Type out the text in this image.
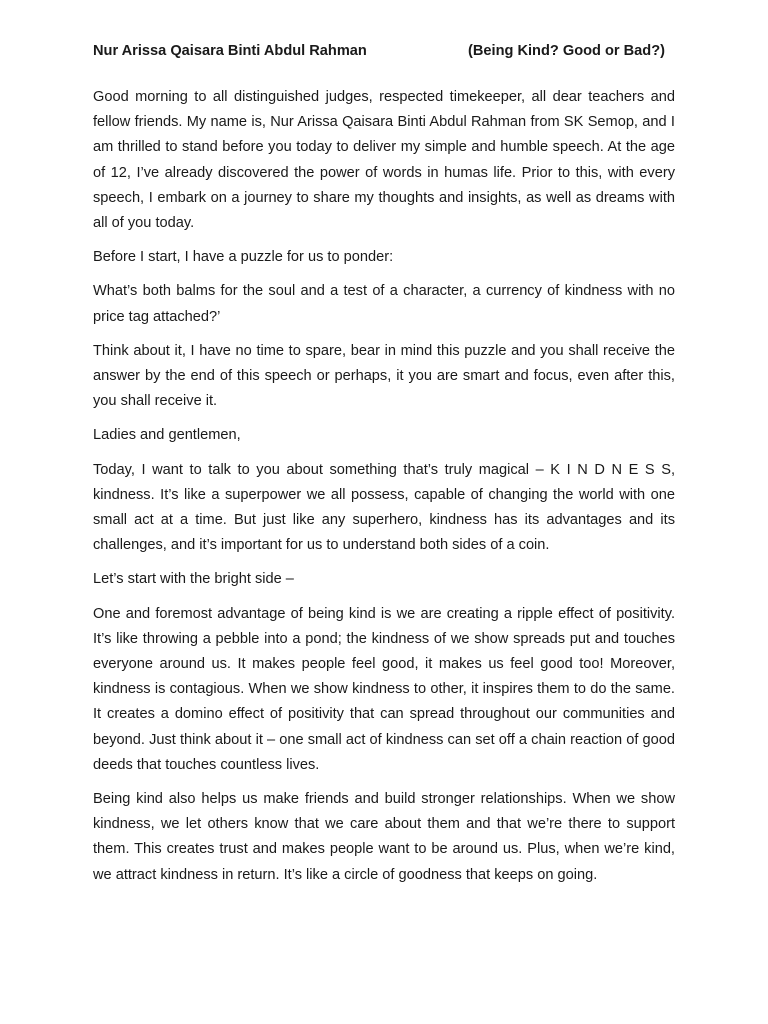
Nur Arissa Qaisara Binti Abdul Rahman	(Being Kind? Good or Bad?)

Good morning to all distinguished judges, respected timekeeper, all dear teachers and fellow friends. My name is, Nur Arissa Qaisara Binti Abdul Rahman from SK Semop, and I am thrilled to stand before you today to deliver my simple and humble speech. At the age of 12, I’ve already discovered the power of words in humas life. Prior to this, with every speech, I embark on a journey to share my thoughts and insights, as well as dreams with all of you today.

Before I start, I have a puzzle for us to ponder:

What’s both balms for the soul and a test of a character, a currency of kindness with no price tag attached?’

Think about it, I have no time to spare, bear in mind this puzzle and you shall receive the answer by the end of this speech or perhaps, it you are smart and focus, even after this, you shall receive it.

Ladies and gentlemen,

Today, I want to talk to you about something that’s truly magical – K I N D N E S S, kindness. It’s like a superpower we all possess, capable of changing the world with one small act at a time. But just like any superhero, kindness has its advantages and its challenges, and it’s important for us to understand both sides of a coin.

Let’s start with the bright side –

One and foremost advantage of being kind is we are creating a ripple effect of positivity. It’s like throwing a pebble into a pond; the kindness of we show spreads put and touches everyone around us. It makes people feel good, it makes us feel good too! Moreover, kindness is contagious. When we show kindness to other, it inspires them to do the same. It creates a domino effect of positivity that can spread throughout our communities and beyond. Just think about it – one small act of kindness can set off a chain reaction of good deeds that touches countless lives.

Being kind also helps us make friends and build stronger relationships. When we show kindness, we let others know that we care about them and that we’re there to support them. This creates trust and makes people want to be around us. Plus, when we’re kind, we attract kindness in return. It’s like a circle of goodness that keeps on going.
